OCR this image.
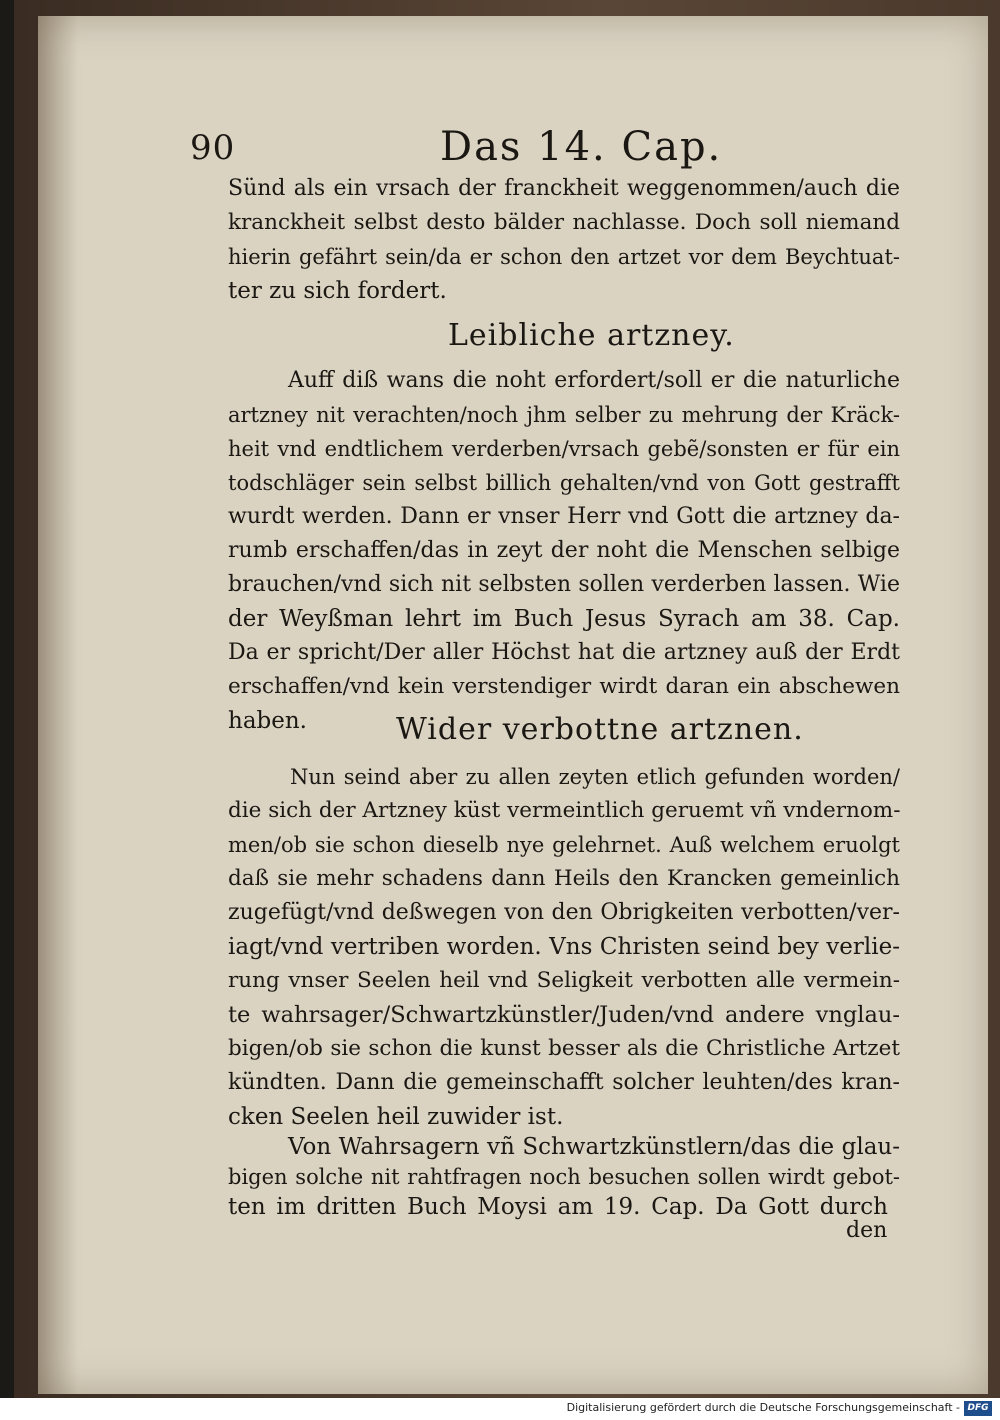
90	Das 14. Cap.
Sünd als ein vrsach der franckheit weggenommen/auch die
kranckheit selbst desto bälder nachlasse. Doch soll niemand
hierin gefährt sein/da er schon den artzet vor dem Beychtuat-
ter zu sich fordert.
Leibliche artzney.
Auff diß wans die noht erfordert/soll er die naturliche
artzney nit verachten/noch jhm selber zu mehrung der Kräck-
heit vnd endtlichem verderben/vrsach gebẽ/sonsten er für ein
todschläger sein selbst billich gehalten/vnd von Gott gestrafft
wurdt werden. Dann er vnser Herr vnd Gott die artzney da-
rumb erschaffen/das in zeyt der noht die Menschen selbige
brauchen/vnd sich nit selbsten sollen verderben lassen. Wie
der Weyßman lehrt im Buch Jesus Syrach am 38. Cap.
Da er spricht/Der aller Höchst hat die artzney auß der Erdt
erschaffen/vnd kein verstendiger wirdt daran ein abschewen
haben.	Wider verbottne artznen.
Nun seind aber zu allen zeyten etlich gefunden worden/
die sich der Artzney küst vermeintlich geruemt vñ vndernom-
men/ob sie schon dieselb nye gelehrnet. Auß welchem eruolgt
daß sie mehr schadens dann Heils den Krancken gemeinlich
zugefügt/vnd deßwegen von den Obrigkeiten verbotten/ver-
iagt/vnd vertriben worden. Vns Christen seind bey verlie-
rung vnser Seelen heil vnd Seligkeit verbotten alle vermein-
te wahrsager/Schwartzkünstler/Juden/vnd andere vnglau-
bigen/ob sie schon die kunst besser als die Christliche Artzet
kündten. Dann die gemeinschafft solcher leuhten/des kran-
cken Seelen heil zuwider ist.
Von Wahrsagern vñ Schwartzkünstlern/das die glau-
bigen solche nit rahtfragen noch besuchen sollen wirdt gebot-
ten im dritten Buch Moysi am 19. Cap. Da Gott durch
den
Digitalisierung gefördert durch die Deutsche Forschungsgemeinschaft - DFG
